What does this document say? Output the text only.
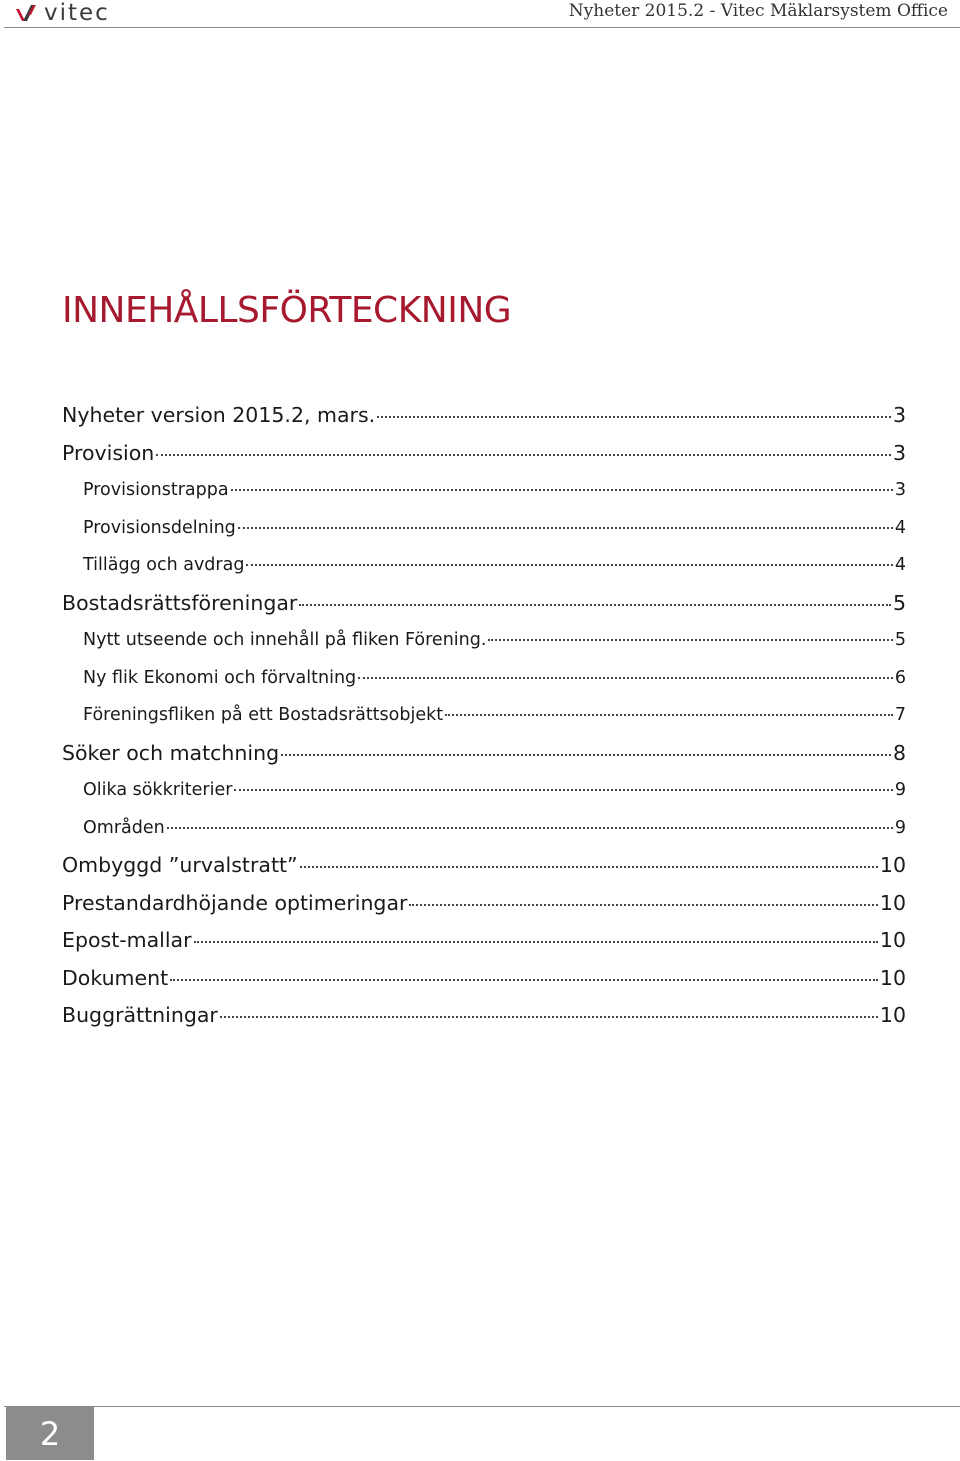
vitec	Nyheter 2015.2 - Vitec Mäklarsystem Office
INNEHÅLLSFÖRTECKNING
Nyheter version 2015.2, mars.	3
Provision	3
Provisionstrappa	3
Provisionsdelning	4
Tillägg och avdrag	4
Bostadsrättsföreningar	5
Nytt utseende och innehåll på fliken Förening.	5
Ny flik Ekonomi och förvaltning	6
Föreningsfliken på ett Bostadsrättsobjekt	7
Söker och matchning	8
Olika sökkriterier	9
Områden	9
Ombyggd ”urvalstratt”	10
Prestandardhöjande optimeringar	10
Epost-mallar	10
Dokument	10
Buggrättningar	10
2
